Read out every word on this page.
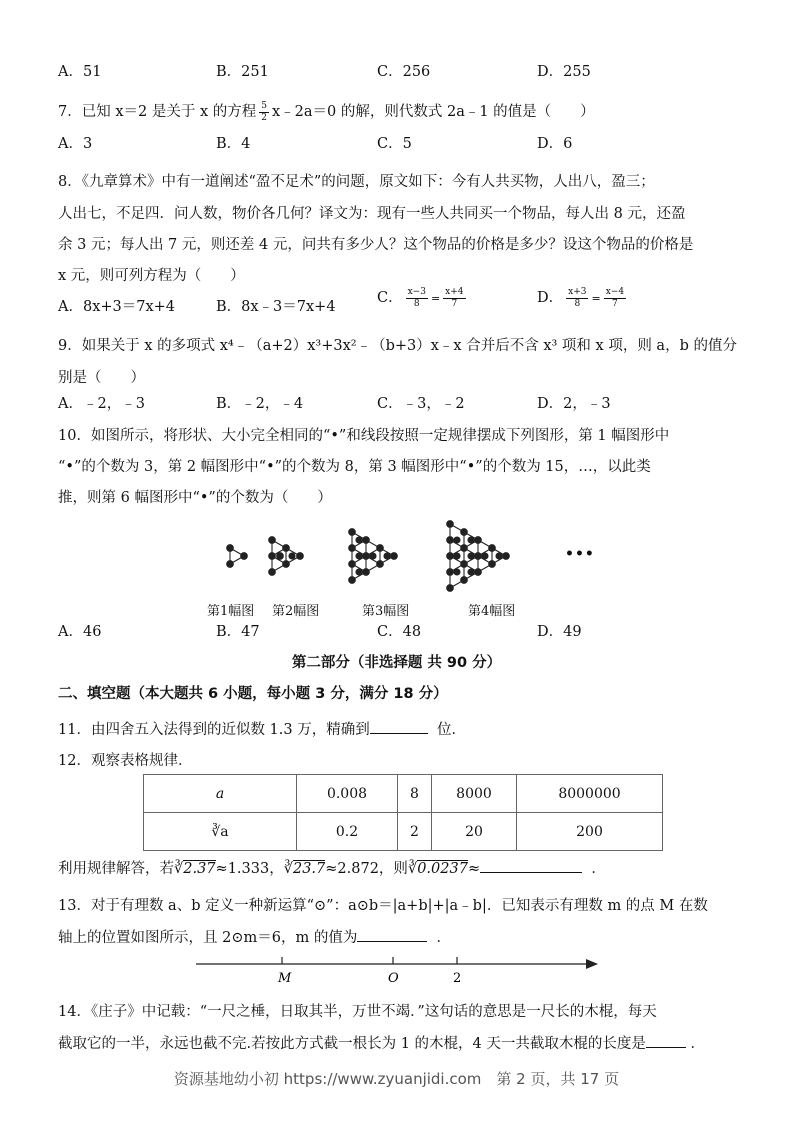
A．51	B．251	C．256	D．255
7．已知 x＝2 是关于 x 的方程 $\frac{5}{2}$ x﹣2a＝0 的解，则代数式 2a﹣1 的值是（　　）
A．3	B．4	C．5	D．6
8．《九章算术》中有一道阐述“盈不足术”的问题，原文如下：今有人共买物，人出八，盈三；
人出七，不足四．问人数，物价各几何？译文为：现有一些人共同买一个物品，每人出 8 元，还盈
余 3 元；每人出 7 元，则还差 4 元，问共有多少人？这个物品的价格是多少？设这个物品的价格是
x 元，则可列方程为（　　）
A．8x+3＝7x+4	B．8x﹣3＝7x+4
C． $\frac{x-3}{8} = \frac{x+4}{7}$	D． $\frac{x+3}{8} = \frac{x-4}{7}$
9．如果关于 x 的多项式 x⁴﹣（a+2）x³+3x²﹣（b+3）x﹣x 合并后不含 x³ 项和 x 项，则 a，b 的值分
别是（　　）
A．﹣2，﹣3	B．﹣2，﹣4	C．﹣3，﹣2	D．2，﹣3
10．如图所示，将形状、大小完全相同的“•”和线段按照一定规律摆成下列图形，第 1 幅图形中
“•”的个数为 3，第 2 幅图形中“•”的个数为 8，第 3 幅图形中“•”的个数为 15，…，以此类
推，则第 6 幅图形中“•”的个数为（　　）
•••
第1幅图 第2幅图	第3幅图	第4幅图
A．46	B．47	C．48	D．49
第二部分（非选择题 共 90 分）
二、填空题（本大题共 6 小题，每小题 3 分，满分 18 分）
11．由四舍五入法得到的近似数 1.3 万，精确到	位．
12．观察表格规律．
a	0.008	8	8000	8000000
∛a	0.2	2	20	200
利用规律解答，若∛2.37≈1.333，∛23.7≈2.872，则∛0.0237≈	．
13．对于有理数 a、b 定义一种新运算“⊙”：a⊙b＝|a+b|+|a﹣b|．已知表示有理数 m 的点 M 在数
轴上的位置如图所示，且 2⊙m＝6，m 的值为	．
M	O	2
14．《庄子》中记载：“一尺之棰，日取其半，万世不竭．”这句话的意思是一尺长的木棍，每天
截取它的一半，永远也截不完.若按此方式截一根长为 1 的木棍，4 天一共截取木棍的长度是	．
资源基地幼小初 https://www.zyuanjidi.com　第 2 页，共 17 页
